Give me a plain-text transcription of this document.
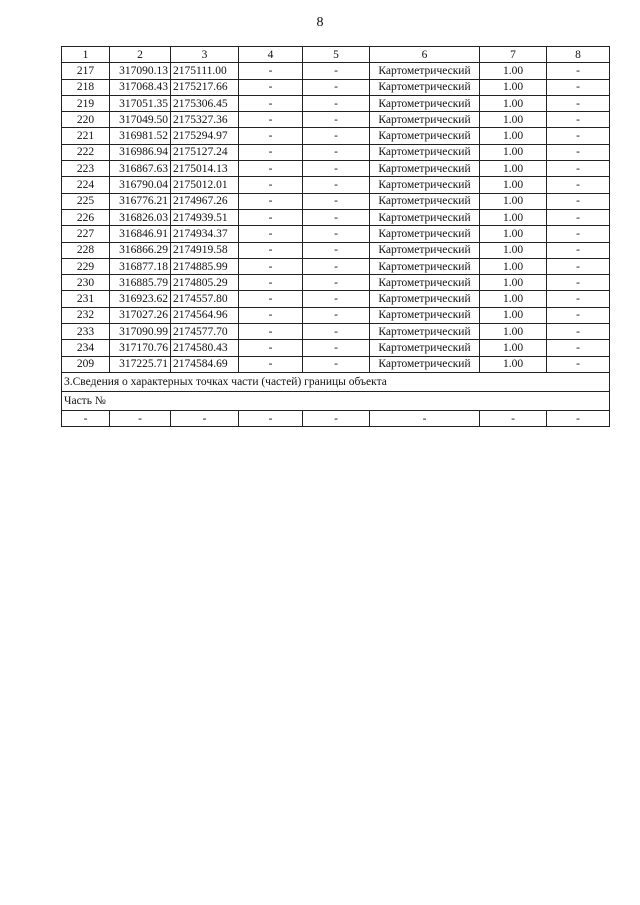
8
1	2	3	4	5	6	7	8
217	317090.13	2175111.00	-	-	Картометрический	1.00	-
218	317068.43	2175217.66	-	-	Картометрический	1.00	-
219	317051.35	2175306.45	-	-	Картометрический	1.00	-
220	317049.50	2175327.36	-	-	Картометрический	1.00	-
221	316981.52	2175294.97	-	-	Картометрический	1.00	-
222	316986.94	2175127.24	-	-	Картометрический	1.00	-
223	316867.63	2175014.13	-	-	Картометрический	1.00	-
224	316790.04	2175012.01	-	-	Картометрический	1.00	-
225	316776.21	2174967.26	-	-	Картометрический	1.00	-
226	316826.03	2174939.51	-	-	Картометрический	1.00	-
227	316846.91	2174934.37	-	-	Картометрический	1.00	-
228	316866.29	2174919.58	-	-	Картометрический	1.00	-
229	316877.18	2174885.99	-	-	Картометрический	1.00	-
230	316885.79	2174805.29	-	-	Картометрический	1.00	-
231	316923.62	2174557.80	-	-	Картометрический	1.00	-
232	317027.26	2174564.96	-	-	Картометрический	1.00	-
233	317090.99	2174577.70	-	-	Картометрический	1.00	-
234	317170.76	2174580.43	-	-	Картометрический	1.00	-
209	317225.71	2174584.69	-	-	Картометрический	1.00	-
3.Сведения о характерных точках части (частей) границы объекта							
Часть №							
-	-	-	-	-	-	-	-
